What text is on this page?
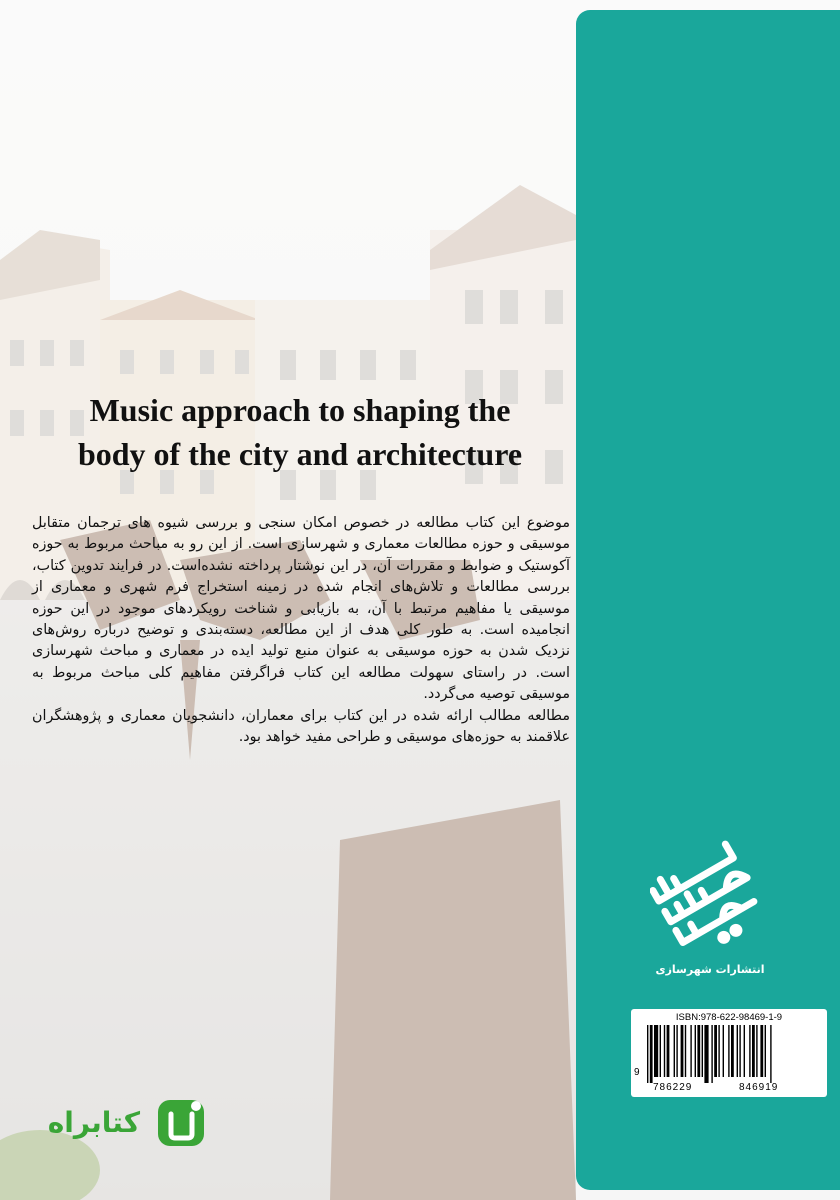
Music approach to shaping the
body of the city and architecture

موضوع این کتاب مطالعه در خصوص امکان سنجی و بررسی شیوه های ترجمان متقابل موسیقی و حوزه مطالعات معماری و شهرسازی است. از این رو به مباحث مربوط به حوزه آکوستیک و ضوابط و مقررات آن، در این نوشتار پرداخته نشده‌است. در فرایند تدوین کتاب، بررسی مطالعات و تلاش‌های انجام شده در زمینه استخراج فرم شهری و معماری از موسیقی یا مفاهیم مرتبط با آن، به بازیابی و شناخت رویکردهای موجود در این حوزه انجامیده است. به طور کلی هدف از این مطالعه، دسته‌بندی و توضیح درباره روش‌های نزدیک شدن به حوزه موسیقی به عنوان منبع تولید ایده در معماری و مباحث شهرسازی است. در راستای سهولت مطالعه این کتاب فراگرفتن مفاهیم کلی مباحث مربوط به موسیقی توصیه می‌گردد.

مطالعه مطالب ارائه شده در این کتاب برای معماران، دانشجویان معماری و پژوهشگران علاقمند به حوزه‌های موسیقی و طراحی مفید خواهد بود.

انتشارات شهرسازی
ISBN:978-622-98469-1-9
9
786229	846919
کتابراه
